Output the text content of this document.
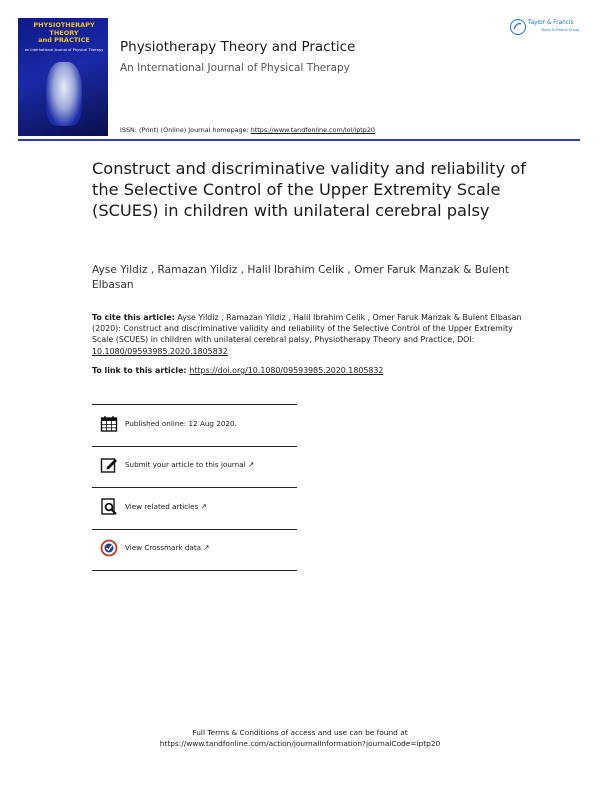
PHYSIOTHERAPY THEORY
and PRACTICE
an International Journal of Physical Therapy Physiotherapy Theory and Practice
An International Journal of Physical Therapy
ISSN: (Print) (Online) Journal homepage: https://www.tandfonline.com/loi/iptp20
Taylor & Francis
Taylor & Francis Group
Construct and discriminative validity and reliability of the Selective Control of the Upper Extremity Scale (SCUES) in children with unilateral cerebral palsy
Ayse Yildiz , Ramazan Yildiz , Halil Ibrahim Celik , Omer Faruk Manzak & Bulent Elbasan
To cite this article: Ayse Yildiz , Ramazan Yildiz , Halil Ibrahim Celik , Omer Faruk Manzak & Bulent Elbasan (2020): Construct and discriminative validity and reliability of the Selective Control of the Upper Extremity Scale (SCUES) in children with unilateral cerebral palsy, Physiotherapy Theory and Practice, DOI: 10.1080/09593985.2020.1805832
To link to this article: https://doi.org/10.1080/09593985.2020.1805832
Published online: 12 Aug 2020.
Submit your article to this journal ↗
View related articles ↗
View Crossmark data ↗
Full Terms & Conditions of access and use can be found at
https://www.tandfonline.com/action/journalInformation?journalCode=iptp20
